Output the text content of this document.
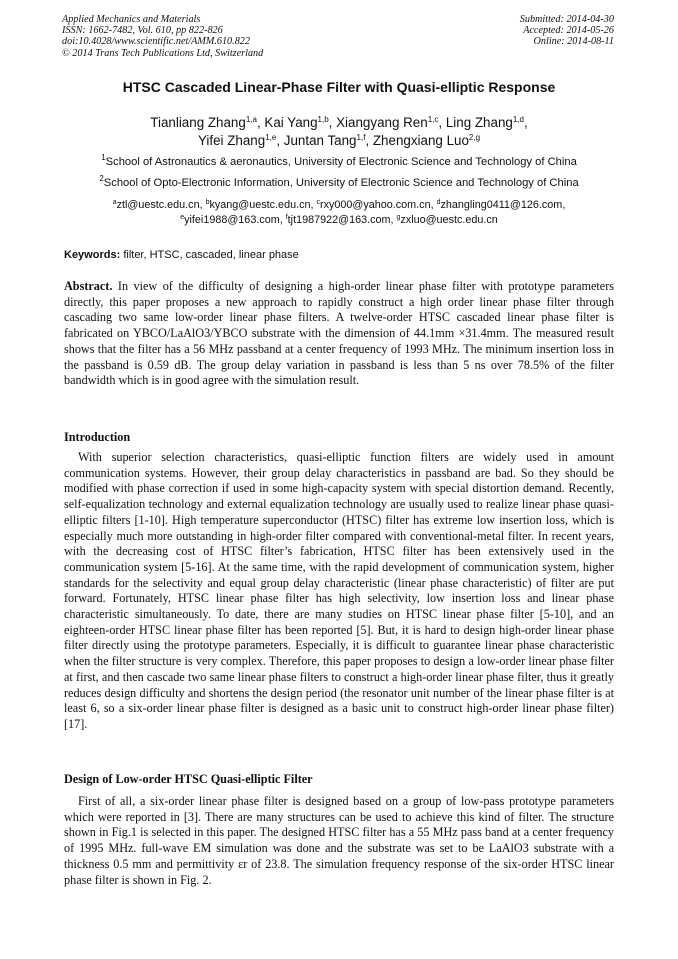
Applied Mechanics and Materials
ISSN: 1662-7482, Vol. 610, pp 822-826
doi:10.4028/www.scientific.net/AMM.610.822
© 2014 Trans Tech Publications Ltd, Switzerland
Submitted: 2014-04-30
Accepted: 2014-05-26
Online: 2014-08-11
HTSC Cascaded Linear-Phase Filter with Quasi-elliptic Response
Tianliang Zhang$^{1,a}$, Kai Yang$^{1,b}$, Xiangyang Ren$^{1,c}$, Ling Zhang$^{1,d}$,
Yifei Zhang$^{1,e}$, Juntan Tang$^{1,f}$, Zhengxiang Luo$^{2,g}$
$^1$School of Astronautics & aeronautics, University of Electronic Science and Technology of China
$^2$School of Opto-Electronic Information, University of Electronic Science and Technology of China
$^a$ztl@uestc.edu.cn, $^b$kyang@uestc.edu.cn, $^c$rxy000@yahoo.com.cn, $^d$zhangling0411@126.com,
$^e$yifei1988@163.com, $^f$tjt1987922@163.com, $^g$zxluo@uestc.edu.cn
Keywords: filter, HTSC, cascaded, linear phase
Abstract. In view of the difficulty of designing a high-order linear phase filter with prototype parameters directly, this paper proposes a new approach to rapidly construct a high order linear phase filter through cascading two same low-order linear phase filters. A twelve-order HTSC cascaded linear phase filter is fabricated on YBCO/LaAlO3/YBCO substrate with the dimension of 44.1mm ×31.4mm. The measured result shows that the filter has a 56 MHz passband at a center frequency of 1993 MHz. The minimum insertion loss in the passband is 0.59 dB. The group delay variation in passband is less than 5 ns over 78.5% of the filter bandwidth which is in good agree with the simulation result.
Introduction
With superior selection characteristics, quasi-elliptic function filters are widely used in amount communication systems. However, their group delay characteristics in passband are bad. So they should be modified with phase correction if used in some high-capacity system with special distortion demand. Recently, self-equalization technology and external equalization technology are usually used to realize linear phase quasi-elliptic filters [1-10]. High temperature superconductor (HTSC) filter has extreme low insertion loss, which is especially much more outstanding in high-order filter compared with conventional-metal filter. In recent years, with the decreasing cost of HTSC filter’s fabrication, HTSC filter has been extensively used in the communication system [5-16]. At the same time, with the rapid development of communication system, higher standards for the selectivity and equal group delay characteristic (linear phase characteristic) of filter are put forward. Fortunately, HTSC linear phase filter has high selectivity, low insertion loss and linear phase characteristic simultaneously. To date, there are many studies on HTSC linear phase filter [5-10], and an eighteen-order HTSC linear phase filter has been reported [5]. But, it is hard to design high-order linear phase filter directly using the prototype parameters. Especially, it is difficult to guarantee linear phase characteristic when the filter structure is very complex. Therefore, this paper proposes to design a low-order linear phase filter at first, and then cascade two same linear phase filters to construct a high-order linear phase filter, thus it greatly reduces design difficulty and shortens the design period (the resonator unit number of the linear phase filter is at least 6, so a six-order linear phase filter is designed as a basic unit to construct high-order linear phase filter) [17].
Design of Low-order HTSC Quasi-elliptic Filter
First of all, a six-order linear phase filter is designed based on a group of low-pass prototype parameters which were reported in [3]. There are many structures can be used to achieve this kind of filter. The structure shown in Fig.1 is selected in this paper. The designed HTSC filter has a 55 MHz pass band at a center frequency of 1995 MHz. full-wave EM simulation was done and the substrate was set to be LaAlO3 substrate with a thickness 0.5 mm and permittivity εr of 23.8. The simulation frequency response of the six-order HTSC linear phase filter is shown in Fig. 2.
